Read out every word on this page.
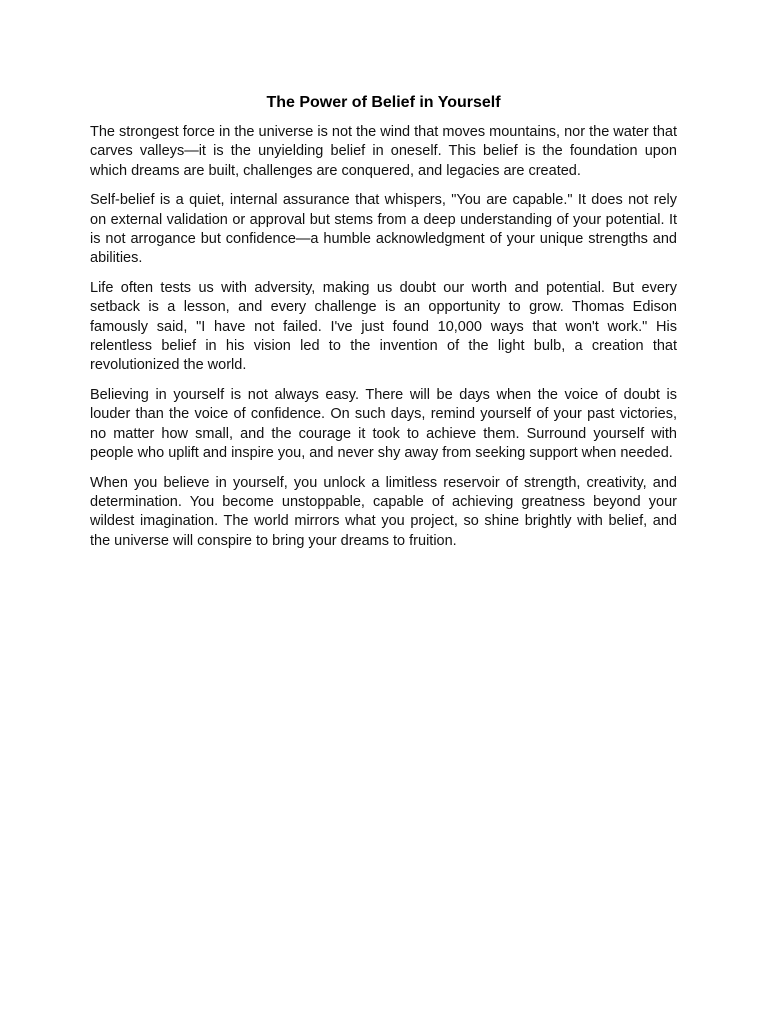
The Power of Belief in Yourself

The strongest force in the universe is not the wind that moves mountains, nor the water that carves valleys—it is the unyielding belief in oneself. This belief is the foundation upon which dreams are built, challenges are conquered, and legacies are created.

Self-belief is a quiet, internal assurance that whispers, "You are capable." It does not rely on external validation or approval but stems from a deep understanding of your potential. It is not arrogance but confidence—a humble acknowledgment of your unique strengths and abilities.

Life often tests us with adversity, making us doubt our worth and potential. But every setback is a lesson, and every challenge is an opportunity to grow. Thomas Edison famously said, "I have not failed. I've just found 10,000 ways that won't work." His relentless belief in his vision led to the invention of the light bulb, a creation that revolutionized the world.

Believing in yourself is not always easy. There will be days when the voice of doubt is louder than the voice of confidence. On such days, remind yourself of your past victories, no matter how small, and the courage it took to achieve them. Surround yourself with people who uplift and inspire you, and never shy away from seeking support when needed.

When you believe in yourself, you unlock a limitless reservoir of strength, creativity, and determination. You become unstoppable, capable of achieving greatness beyond your wildest imagination. The world mirrors what you project, so shine brightly with belief, and the universe will conspire to bring your dreams to fruition.
